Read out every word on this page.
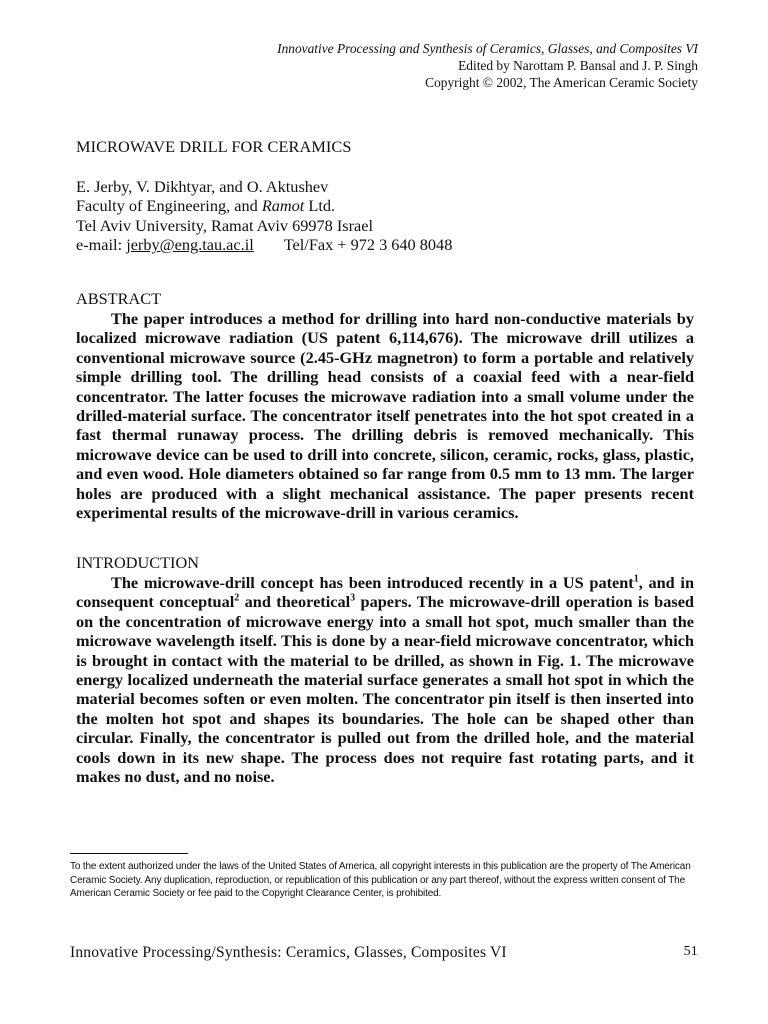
Innovative Processing and Synthesis of Ceramics, Glasses, and Composites VI
Edited by Narottam P. Bansal and J. P. Singh
Copyright © 2002, The American Ceramic Society
MICROWAVE DRILL FOR CERAMICS
E. Jerby, V. Dikhtyar, and O. Aktushev
Faculty of Engineering, and Ramot Ltd.
Tel Aviv University, Ramat Aviv 69978 Israel
e-mail: jerby@eng.tau.ac.il Tel/Fax + 972 3 640 8048
ABSTRACT

The paper introduces a method for drilling into hard non-conductive materials by localized microwave radiation (US patent 6,114,676). The microwave drill utilizes a conventional microwave source (2.45-GHz magnetron) to form a portable and relatively simple drilling tool. The drilling head consists of a coaxial feed with a near-field concentrator. The latter focuses the microwave radiation into a small volume under the drilled-material surface. The concentrator itself penetrates into the hot spot created in a fast thermal runaway process. The drilling debris is removed mechanically. This microwave device can be used to drill into concrete, silicon, ceramic, rocks, glass, plastic, and even wood. Hole diameters obtained so far range from 0.5 mm to 13 mm. The larger holes are produced with a slight mechanical assistance. The paper presents recent experimental results of the microwave-drill in various ceramics.

INTRODUCTION

The microwave-drill concept has been introduced recently in a US patent$^1$, and in consequent conceptual$^2$ and theoretical$^3$ papers. The microwave-drill operation is based on the concentration of microwave energy into a small hot spot, much smaller than the microwave wavelength itself. This is done by a near-field microwave concentrator, which is brought in contact with the material to be drilled, as shown in Fig. 1. The microwave energy localized underneath the material surface generates a small hot spot in which the material becomes soften or even molten. The concentrator pin itself is then inserted into the molten hot spot and shapes its boundaries. The hole can be shaped other than circular. Finally, the concentrator is pulled out from the drilled hole, and the material cools down in its new shape. The process does not require fast rotating parts, and it makes no dust, and no noise.

To the extent authorized under the laws of the United States of America, all copyright interests in this publication are the property of The American Ceramic Society. Any duplication, reproduction, or republication of this publication or any part thereof, without the express written consent of The American Ceramic Society or fee paid to the Copyright Clearance Center, is prohibited.
Innovative Processing/Synthesis: Ceramics, Glasses, Composites VI	51
